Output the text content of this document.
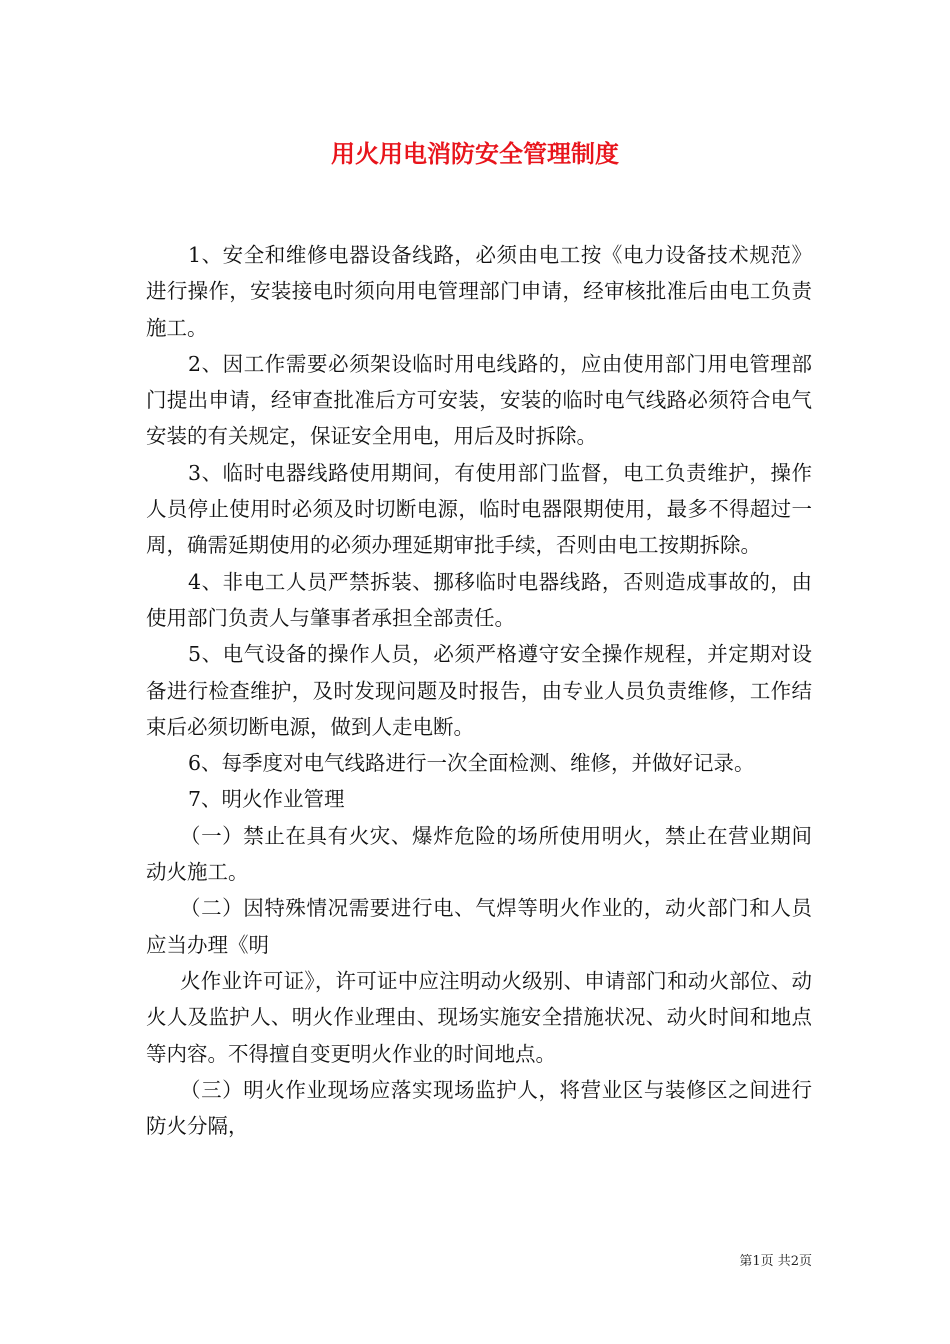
用火用电消防安全管理制度

1、安全和维修电器设备线路，必须由电工按《电力设备技术规范》进行操作，安装接电时须向用电管理部门申请，经审核批准后由电工负责施工。

2、因工作需要必须架设临时用电线路的，应由使用部门用电管理部门提出申请，经审查批准后方可安装，安装的临时电气线路必须符合电气安装的有关规定，保证安全用电，用后及时拆除。

3、临时电器线路使用期间，有使用部门监督，电工负责维护，操作人员停止使用时必须及时切断电源，临时电器限期使用，最多不得超过一周，确需延期使用的必须办理延期审批手续，否则由电工按期拆除。

4、非电工人员严禁拆装、挪移临时电器线路，否则造成事故的，由使用部门负责人与肇事者承担全部责任。

5、电气设备的操作人员，必须严格遵守安全操作规程，并定期对设备进行检查维护，及时发现问题及时报告，由专业人员负责维修，工作结束后必须切断电源，做到人走电断。

6、每季度对电气线路进行一次全面检测、维修，并做好记录。

7、明火作业管理

（一）禁止在具有火灾、爆炸危险的场所使用明火，禁止在营业期间动火施工。

（二）因特殊情况需要进行电、气焊等明火作业的，动火部门和人员应当办理《明

火作业许可证》，许可证中应注明动火级别、申请部门和动火部位、动火人及监护人、明火作业理由、现场实施安全措施状况、动火时间和地点等内容。不得擅自变更明火作业的时间地点。

（三）明火作业现场应落实现场监护人，将营业区与装修区之间进行防火分隔，

第1页 共2页
